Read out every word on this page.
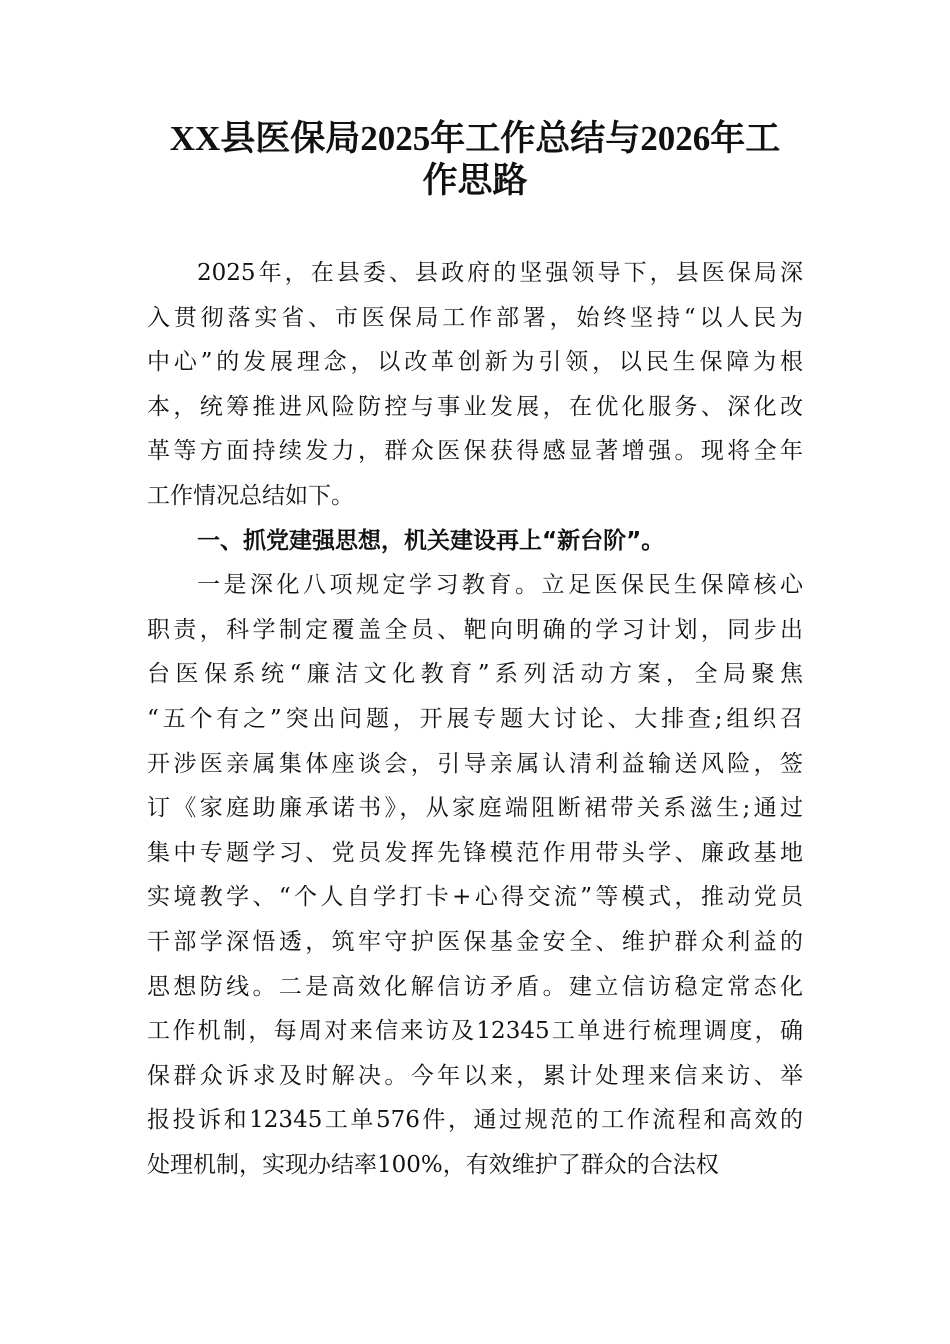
XX县医保局2025年工作总结与2026年工
作思路
2025年，在县委、县政府的坚强领导下，县医保局深
入贯彻落实省、市医保局工作部署，始终坚持“以人民为
中心”的发展理念，以改革创新为引领，以民生保障为根
本，统筹推进风险防控与事业发展，在优化服务、深化改
革等方面持续发力，群众医保获得感显著增强。现将全年
工作情况总结如下。
一、抓党建强思想，机关建设再上“新台阶”。
一是深化八项规定学习教育。立足医保民生保障核心
职责，科学制定覆盖全员、靶向明确的学习计划，同步出
台医保系统“廉洁文化教育”系列活动方案，全局聚焦
“五个有之”突出问题，开展专题大讨论、大排查;组织召
开涉医亲属集体座谈会，引导亲属认清利益输送风险，签
订《家庭助廉承诺书》，从家庭端阻断裙带关系滋生;通过
集中专题学习、党员发挥先锋模范作用带头学、廉政基地
实境教学、“个人自学打卡+心得交流”等模式，推动党员
干部学深悟透，筑牢守护医保基金安全、维护群众利益的
思想防线。二是高效化解信访矛盾。建立信访稳定常态化
工作机制，每周对来信来访及12345工单进行梳理调度，确
保群众诉求及时解决。今年以来，累计处理来信来访、举
报投诉和12345工单576件，通过规范的工作流程和高效的
处理机制，实现办结率100%，有效维护了群众的合法权
